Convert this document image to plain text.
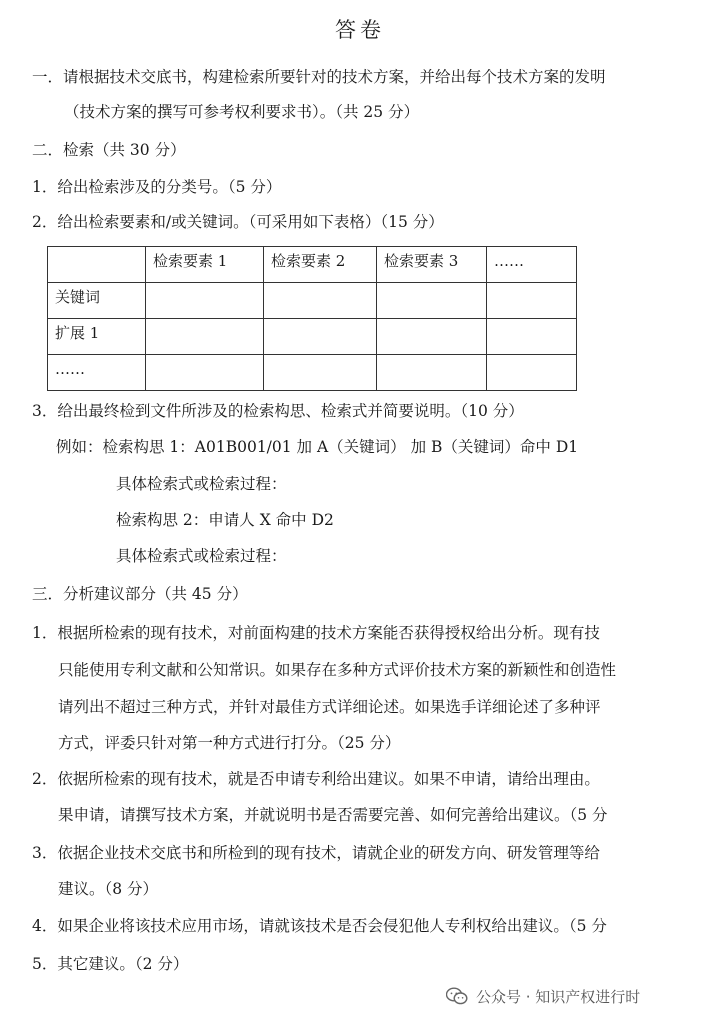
答卷
一．请根据技术交底书，构建检索所要针对的技术方案，并给出每个技术方案的发明
（技术方案的撰写可参考权利要求书）。（共 25 分）
二．检索（共 30 分）
1．给出检索涉及的分类号。（5 分）
2．给出检索要素和/或关键词。（可采用如下表格）（15 分）
	检索要素 1	检索要素 2	检索要素 3	……
关键词				
扩展 1				
……				
3．给出最终检到文件所涉及的检索构思、检索式并简要说明。（10 分）
例如：检索构思 1：A01B001/01 加 A（关键词） 加 B（关键词）命中 D1
具体检索式或检索过程：
检索构思 2：申请人 X 命中 D2
具体检索式或检索过程：
三．分析建议部分（共 45 分）
1．根据所检索的现有技术，对前面构建的技术方案能否获得授权给出分析。现有技
只能使用专利文献和公知常识。如果存在多种方式评价技术方案的新颖性和创造性
请列出不超过三种方式，并针对最佳方式详细论述。如果选手详细论述了多种评
方式，评委只针对第一种方式进行打分。（25 分）
2．依据所检索的现有技术，就是否申请专利给出建议。如果不申请，请给出理由。
果申请，请撰写技术方案，并就说明书是否需要完善、如何完善给出建议。（5 分
3．依据企业技术交底书和所检到的现有技术，请就企业的研发方向、研发管理等给
建议。（8 分）
4．如果企业将该技术应用市场，请就该技术是否会侵犯他人专利权给出建议。（5 分
5．其它建议。（2 分）
公众号 · 知识产权进行时
